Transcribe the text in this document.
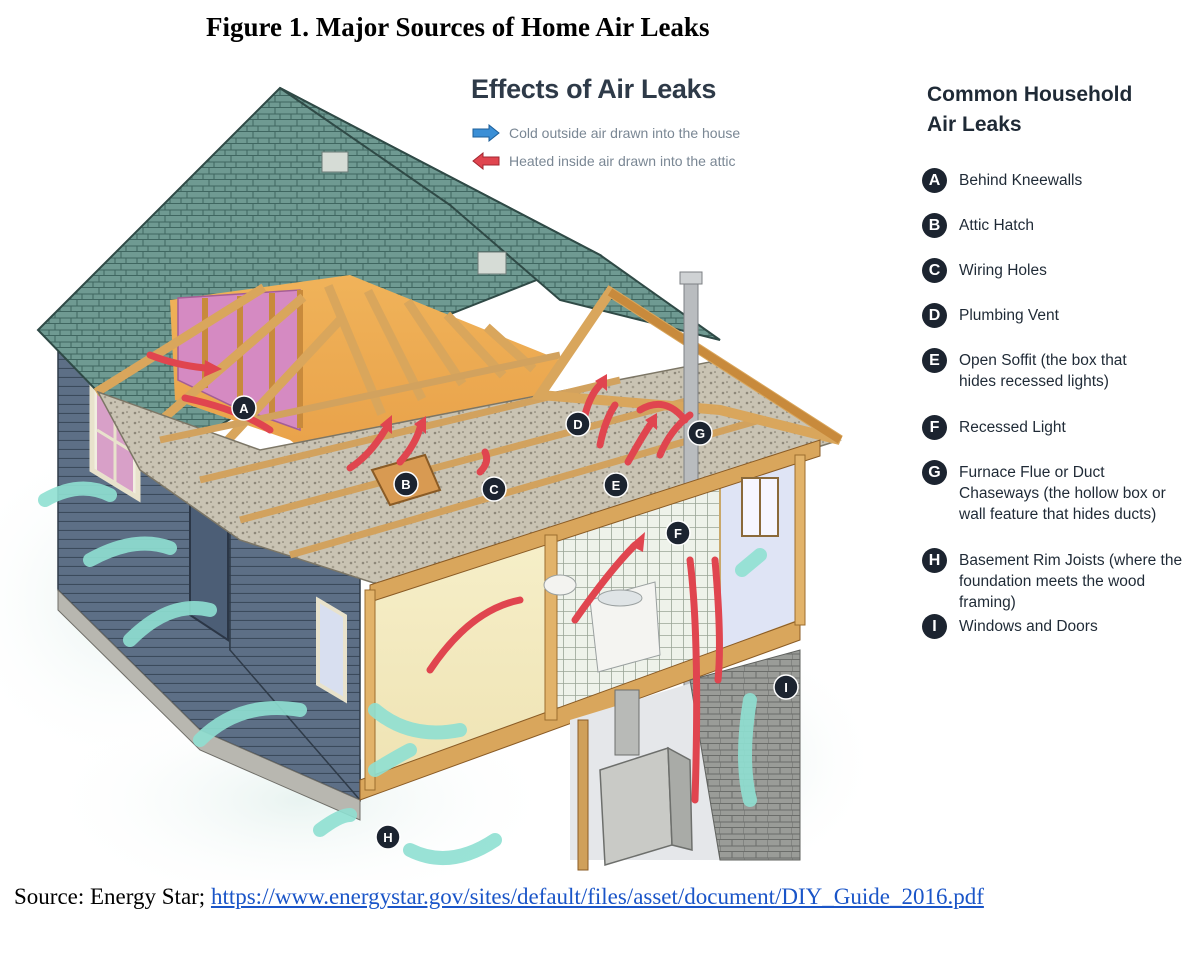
Figure 1. Major Sources of Home Air Leaks
Effects of Air Leaks
Cold outside air drawn into the house
Heated inside air drawn into the attic
A
B	C
D
E
F
G
H
I
Common Household
Air Leaks
A	Behind Kneewalls
B	Attic Hatch
C	Wiring Holes
D	Plumbing Vent
E	Open Soffit (the box that hides recessed lights)
F	Recessed Light
G	Furnace Flue or Duct Chaseways (the hollow box or wall feature that hides ducts)
H	Basement Rim Joists (where the foundation meets the wood framing)
I	Windows and Doors
Source: Energy Star; https://www.energystar.gov/sites/default/files/asset/document/DIY_Guide_2016.pdf
